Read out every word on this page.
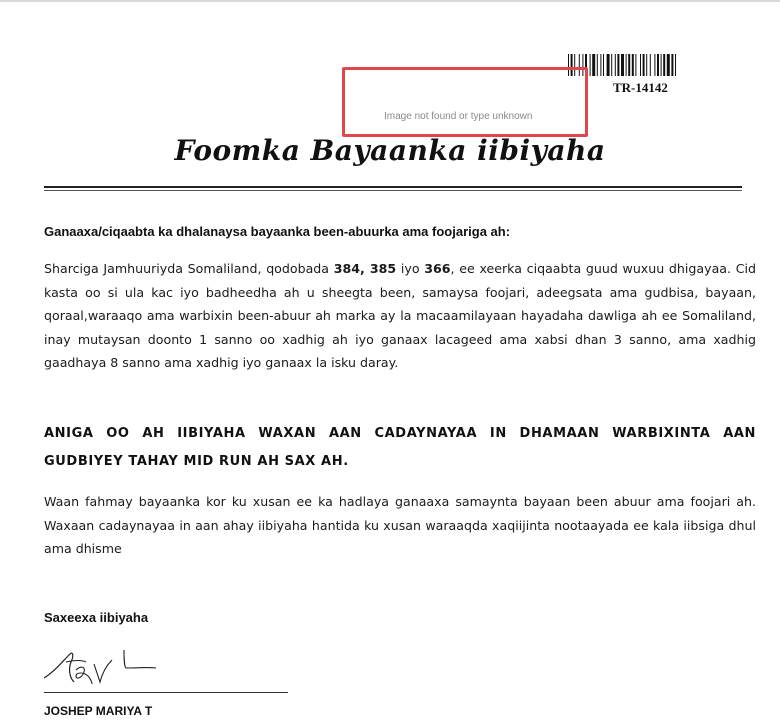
TR-14142
Image not found or type unknown
Foomka Bayaanka iibiyaha
Ganaaxa/ciqaabta ka dhalanaysa bayaanka been-abuurka ama foojariga ah:
Sharciga Jamhuuriyda Somaliland, qodobada 384, 385 iyo 366, ee xeerka ciqaabta guud wuxuu dhigayaa. Cid kasta oo si ula kac iyo badheedha ah u sheegta been, samaysa foojari, adeegsata ama gudbisa, bayaan, qoraal,waraaqo ama warbixin been-abuur ah marka ay la macaamilayaan hayadaha dawliga ah ee Somaliland, inay mutaysan doonto 1 sanno oo xadhig ah iyo ganaax lacageed ama xabsi dhan 3 sanno, ama xadhig gaadhaya 8 sanno ama xadhig iyo ganaax la isku daray.
ANIGA OO AH IIBIYAHA WAXAN AAN CADAYNAYAA IN DHAMAAN WARBIXINTA AAN GUDBIYEY TAHAY MID RUN AH SAX AH.
Waan fahmay bayaanka kor ku xusan ee ka hadlaya ganaaxa samaynta bayaan been abuur ama foojari ah. Waxaan cadaynayaa in aan ahay iibiyaha hantida ku xusan waraaqda xaqiijinta nootaayada ee kala iibsiga dhul ama dhisme
Saxeexa iibiyaha
JOSHEP MARIYA T
